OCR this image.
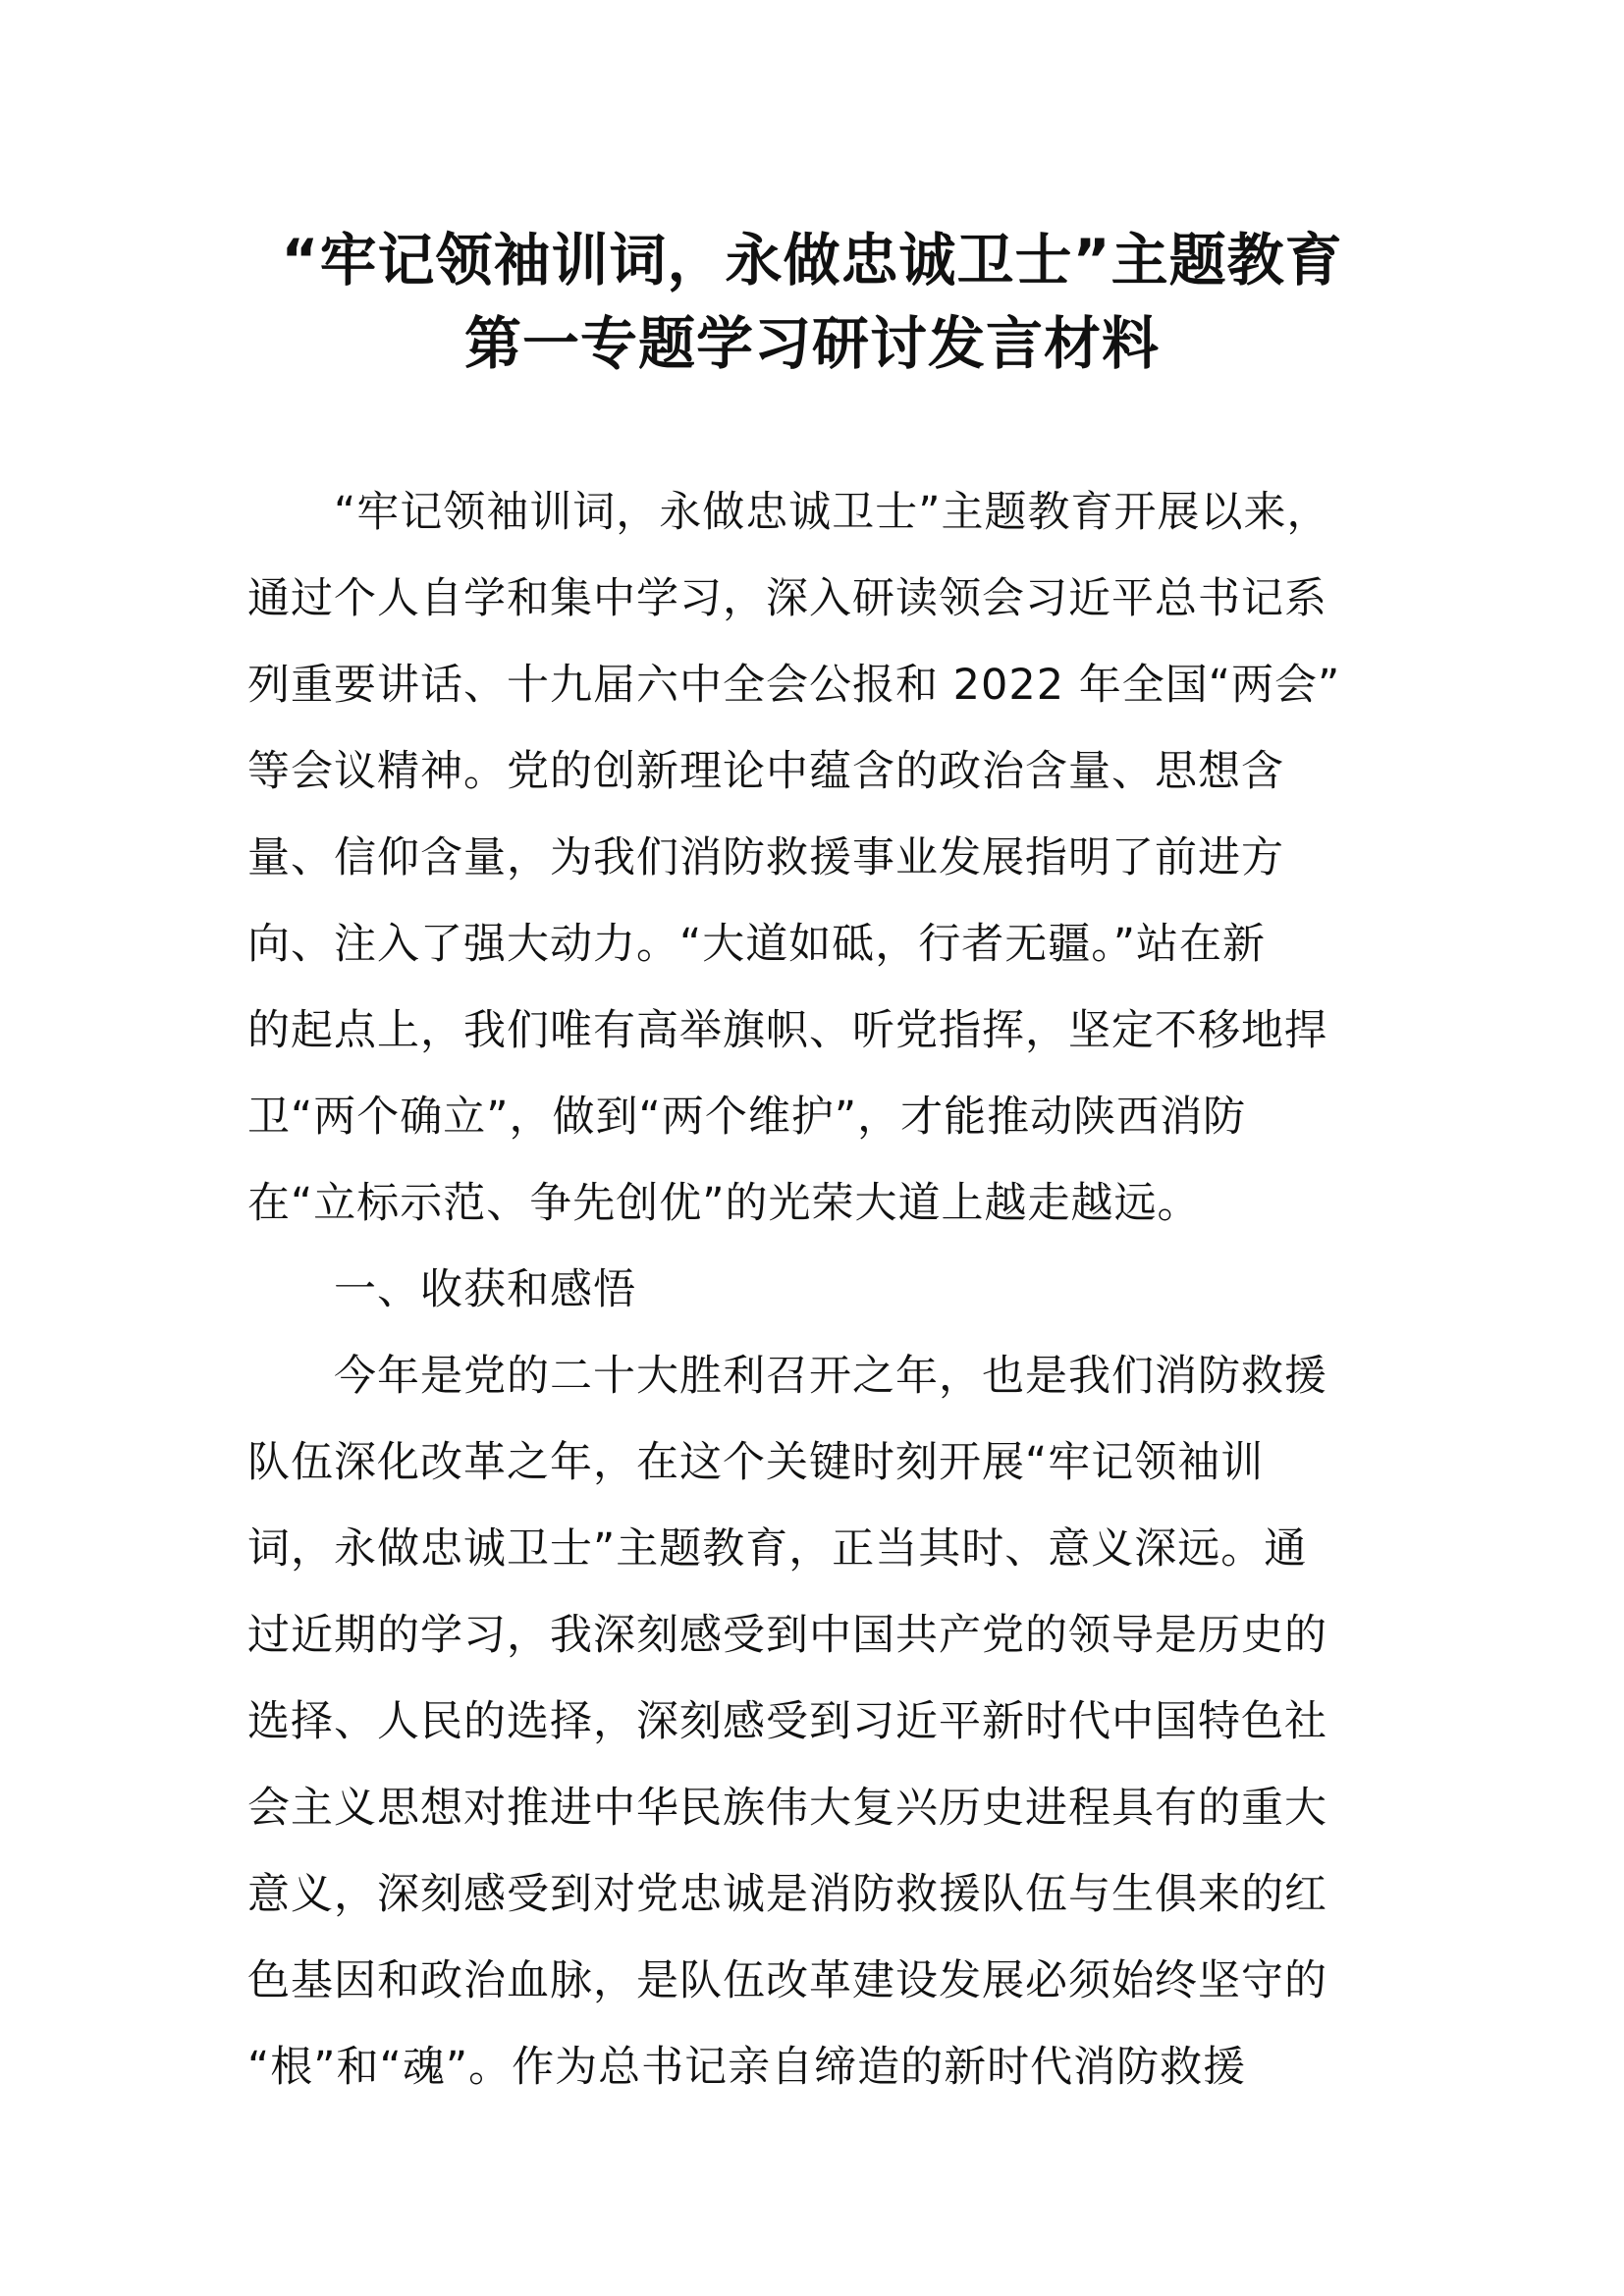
“牢记领袖训词，永做忠诚卫士”主题教育
第一专题学习研讨发言材料

“牢记领袖训词，永做忠诚卫士”主题教育开展以来，

通过个人自学和集中学习，深入研读领会习近平总书记系

列重要讲话、十九届六中全会公报和 2022 年全国“两会”

等会议精神。党的创新理论中蕴含的政治含量、思想含

量、信仰含量，为我们消防救援事业发展指明了前进方

向、注入了强大动力。“大道如砥，行者无疆。”站在新

的起点上，我们唯有高举旗帜、听党指挥，坚定不移地捍

卫“两个确立”，做到“两个维护”，才能推动陕西消防

在“立标示范、争先创优”的光荣大道上越走越远。

一、收获和感悟

今年是党的二十大胜利召开之年，也是我们消防救援

队伍深化改革之年，在这个关键时刻开展“牢记领袖训

词，永做忠诚卫士”主题教育，正当其时、意义深远。通

过近期的学习，我深刻感受到中国共产党的领导是历史的

选择、人民的选择，深刻感受到习近平新时代中国特色社

会主义思想对推进中华民族伟大复兴历史进程具有的重大

意义，深刻感受到对党忠诚是消防救援队伍与生俱来的红

色基因和政治血脉，是队伍改革建设发展必须始终坚守的

“根”和“魂”。作为总书记亲自缔造的新时代消防救援
